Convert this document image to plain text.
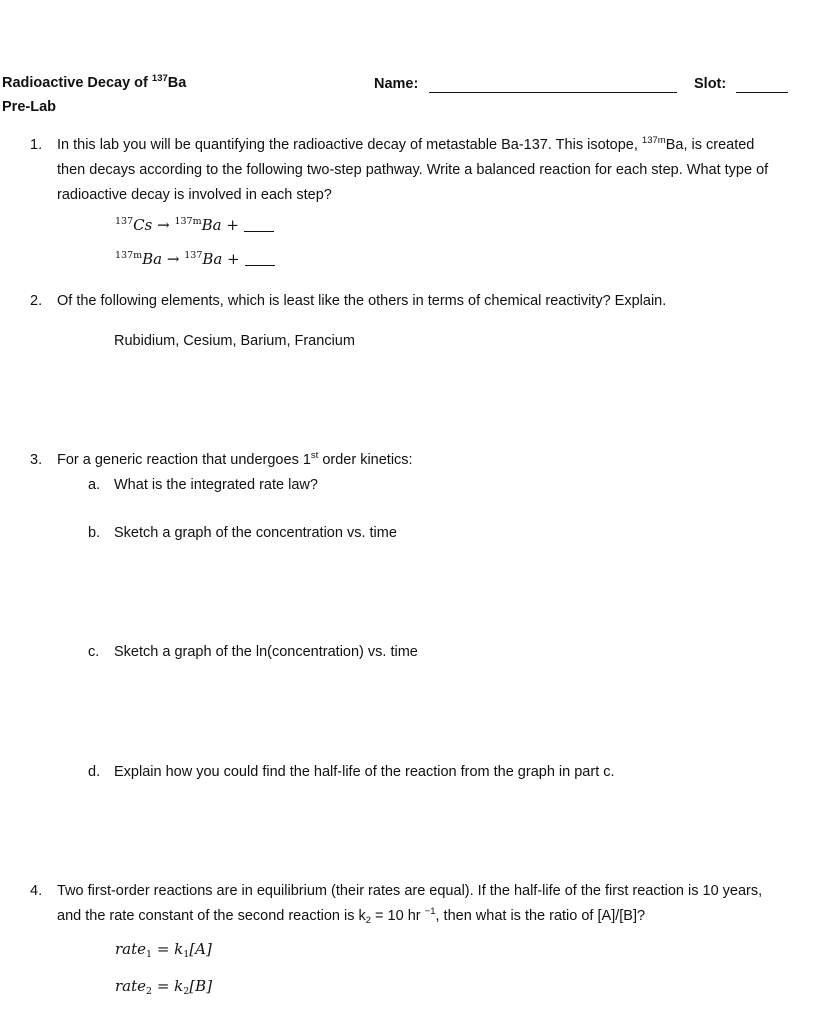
Radioactive Decay of $^{137}$Ba
Pre-Lab
Name:	Slot:
1. In this lab you will be quantifying the radioactive decay of metastable Ba-137. This isotope, $^{137m}$Ba, is created then decays according to the following two-step pathway. Write a balanced reaction for each step. What type of radioactive decay is involved in each step?
$^{137}$Cs → $^{137m}$Ba +
$^{137m}$Ba → $^{137}$Ba +
2. Of the following elements, which is least like the others in terms of chemical reactivity? Explain.
Rubidium, Cesium, Barium, Francium
3. For a generic reaction that undergoes 1st order kinetics:
a. What is the integrated rate law?
b. Sketch a graph of the concentration vs. time
c. Sketch a graph of the ln(concentration) vs. time
d. Explain how you could find the half-life of the reaction from the graph in part c.
4. Two first-order reactions are in equilibrium (their rates are equal). If the half-life of the first reaction is 10 years, and the rate constant of the second reaction is $k_2 = 10$ hr $^{-1}$, then what is the ratio of [A]/[B]?
rate$_1$ = $k_1[A]$
rate$_2$ = $k_2[B]$
